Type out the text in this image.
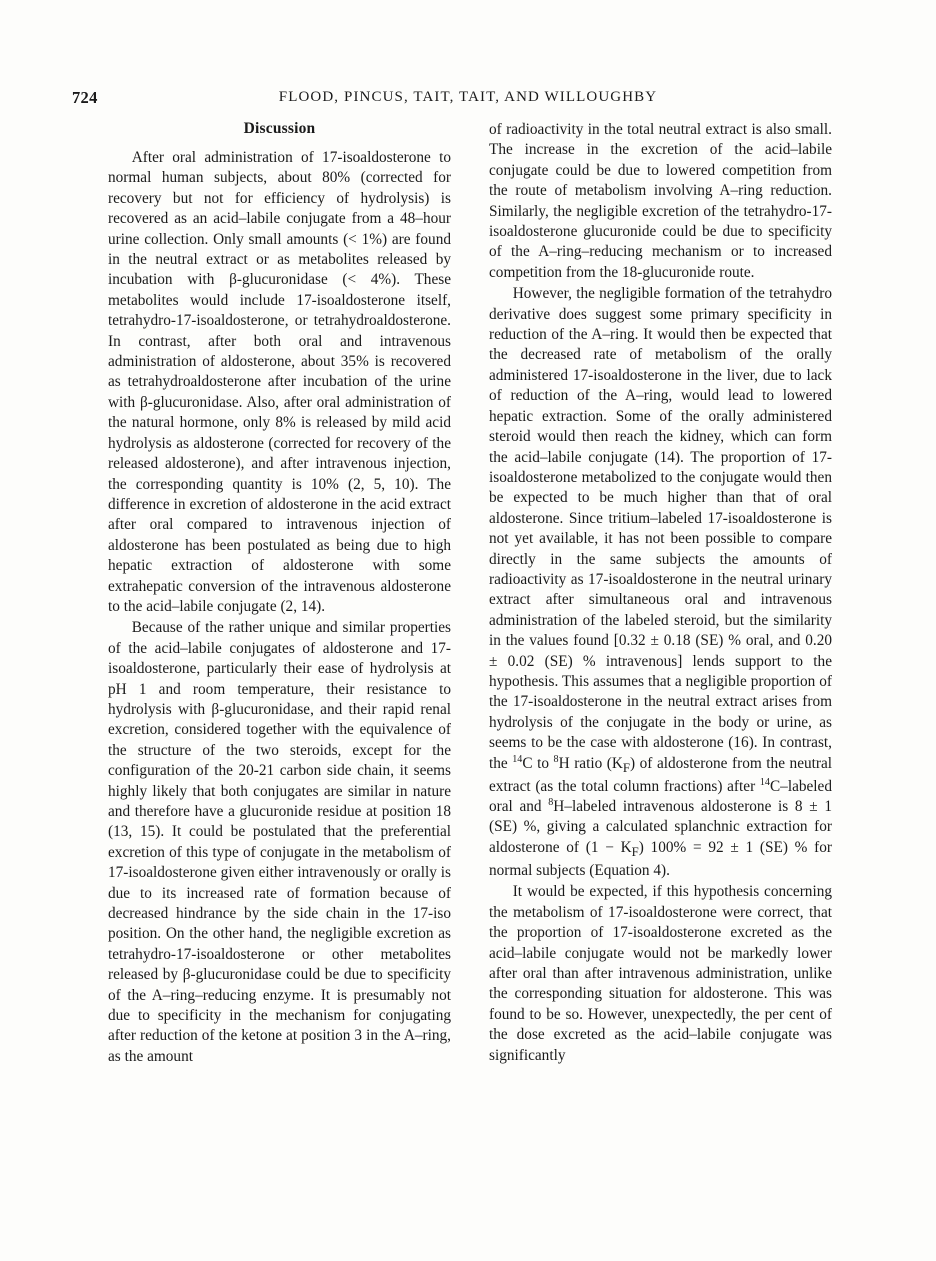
724	FLOOD, PINCUS, TAIT, TAIT, AND WILLOUGHBY
Discussion

After oral administration of 17-isoaldosterone to normal human subjects, about 80% (corrected for recovery but not for efficiency of hydrolysis) is recovered as an acid–labile conjugate from a 48–hour urine collection. Only small amounts (< 1%) are found in the neutral extract or as metabolites released by incubation with β-glucuronidase (< 4%). These metabolites would include 17-isoaldosterone itself, tetrahydro-17-isoaldosterone, or tetrahydroaldosterone. In contrast, after both oral and intravenous administration of aldosterone, about 35% is recovered as tetrahydroaldosterone after incubation of the urine with β-glucuronidase. Also, after oral administration of the natural hormone, only 8% is released by mild acid hydrolysis as aldosterone (corrected for recovery of the released aldosterone), and after intravenous injection, the corresponding quantity is 10% (2, 5, 10). The difference in excretion of aldosterone in the acid extract after oral compared to intravenous injection of aldosterone has been postulated as being due to high hepatic extraction of aldosterone with some extrahepatic conversion of the intravenous aldosterone to the acid–labile conjugate (2, 14).

Because of the rather unique and similar properties of the acid–labile conjugates of aldosterone and 17-isoaldosterone, particularly their ease of hydrolysis at pH 1 and room temperature, their resistance to hydrolysis with β-glucuronidase, and their rapid renal excretion, considered together with the equivalence of the structure of the two steroids, except for the configuration of the 20-21 carbon side chain, it seems highly likely that both conjugates are similar in nature and therefore have a glucuronide residue at position 18 (13, 15). It could be postulated that the preferential excretion of this type of conjugate in the metabolism of 17-isoaldosterone given either intravenously or orally is due to its increased rate of formation because of decreased hindrance by the side chain in the 17-iso position. On the other hand, the negligible excretion as tetrahydro-17-isoaldosterone or other metabolites released by β-glucuronidase could be due to specificity of the A–ring–reducing enzyme. It is presumably not due to specificity in the mechanism for conjugating after reduction of the ketone at position 3 in the A–ring, as the amount

of radioactivity in the total neutral extract is also small. The increase in the excretion of the acid–labile conjugate could be due to lowered competition from the route of metabolism involving A–ring reduction. Similarly, the negligible excretion of the tetrahydro-17-isoaldosterone glucuronide could be due to specificity of the A–ring–reducing mechanism or to increased competition from the 18-glucuronide route.

However, the negligible formation of the tetrahydro derivative does suggest some primary specificity in reduction of the A–ring. It would then be expected that the decreased rate of metabolism of the orally administered 17-isoaldosterone in the liver, due to lack of reduction of the A–ring, would lead to lowered hepatic extraction. Some of the orally administered steroid would then reach the kidney, which can form the acid–labile conjugate (14). The proportion of 17-isoaldosterone metabolized to the conjugate would then be expected to be much higher than that of oral aldosterone. Since tritium–labeled 17-isoaldosterone is not yet available, it has not been possible to compare directly in the same subjects the amounts of radioactivity as 17-isoaldosterone in the neutral urinary extract after simultaneous oral and intravenous administration of the labeled steroid, but the similarity in the values found [0.32 ± 0.18 (SE) % oral, and 0.20 ± 0.02 (SE) % intravenous] lends support to the hypothesis. This assumes that a negligible proportion of the 17-isoaldosterone in the neutral extract arises from hydrolysis of the conjugate in the body or urine, as seems to be the case with aldosterone (16). In contrast, the $^{14}$C to $^8$H ratio $(K_F)$ of aldosterone from the neutral extract (as the total column fractions) after $^{14}$C–labeled oral and $^8$H–labeled intravenous aldosterone is 8 ± 1 (SE) %, giving a calculated splanchnic extraction for aldosterone of $(1 - K_F)$ 100% = 92 ± 1 (SE) % for normal subjects (Equation 4).

It would be expected, if this hypothesis concerning the metabolism of 17-isoaldosterone were correct, that the proportion of 17-isoaldosterone excreted as the acid–labile conjugate would not be markedly lower after oral than after intravenous administration, unlike the corresponding situation for aldosterone. This was found to be so. However, unexpectedly, the per cent of the dose excreted as the acid–labile conjugate was significantly
